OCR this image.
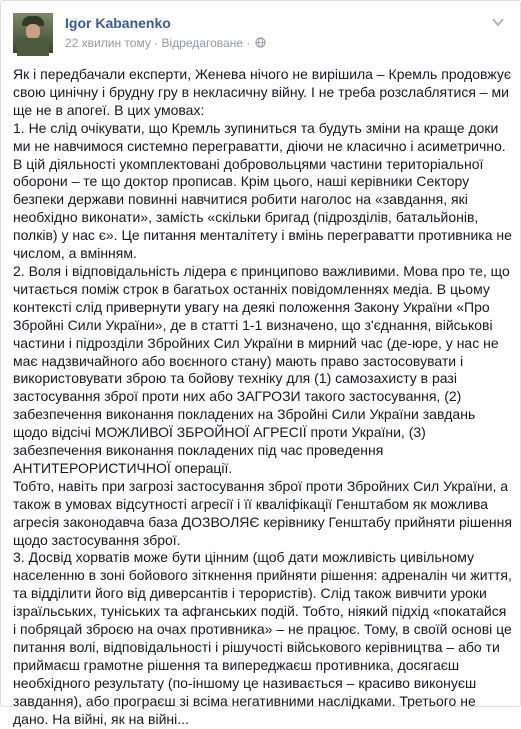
Igor Kabanenko
22 хвилин тому · Відредаговане ·
Як і передбачали експерти, Женева нічого не вирішила – Кремль продовжує свою цинічну і брудну гру в некласичну війну. І не треба розслаблятися – ми ще не в апогеї. В цих умовах:
1. Не слід очікувати, що Кремль зупиниться та будуть зміни на краще доки ми не навчимося системно переграватти, діючи не класично і асиметрично.
В цій діяльності укомплектовані добровольцями частини територіальної оборони – те що доктор прописав. Крім цього, наші керівники Сектору безпеки держави повинні навчитися робити наголос на «завдання, які необхідно виконати», замість «скільки бригад (підрозділів, батальйонів, полків) у нас є». Це питання менталітету і вмінь переграватти противника не числом, а вмінням.
2. Воля і відповідальність лідера є принципово важливими. Мова про те, що читається поміж строк в багатьох останніх повідомленнях медіа. В цьому контексті слід привернути увагу на деякі положення Закону України «Про Збройні Сили України», де в статті 1-1 визначено, що з'єднання, військові частини і підрозділи Збройних Сил України в мирний час (де-юре, у нас не має надзвичайного або воєнного стану) мають право застосовувати і використовувати зброю та бойову техніку для (1) самозахисту в разі застосування зброї проти них або ЗАГРОЗИ такого застосування, (2) забезпечення виконання покладених на Збройні Сили України завдань щодо відсічі МОЖЛИВОЇ ЗБРОЙНОЇ АГРЕСІЇ проти України, (3) забезпечення виконання покладених під час проведення АНТИТЕРОРИСТИЧНОЇ операції.
Тобто, навіть при загрозі застосування зброї проти Збройних Сил України, а також в умовах відсутності агресії і її кваліфікації Генштабом як можлива агресія законодавча база ДОЗВОЛЯЄ керівнику Генштабу прийняти рішення щодо застосування зброї.
3. Досвід хорватів може бути цінним (щоб дати можливість цивільному населенню в зоні бойового зіткнення прийняти рішення: адреналін чи життя, та відділити його від диверсантів і терористів). Слід також вивчити уроки ізраїльських, туніських та афганських подій. Тобто, ніякий підхід «покатайся і побряцай зброєю на очах противника» – не працює. Тому, в своїй основі це питання волі, відповідальності і рішучості військового керівництва – або ти приймаєш грамотне рішення та випереджаєш противника, досягаєш необхідного результату (по-іншому це називається – красиво виконуєш завдання), або програєш зі всіма негативними наслідками. Третього не дано. На війні, як на війні...
